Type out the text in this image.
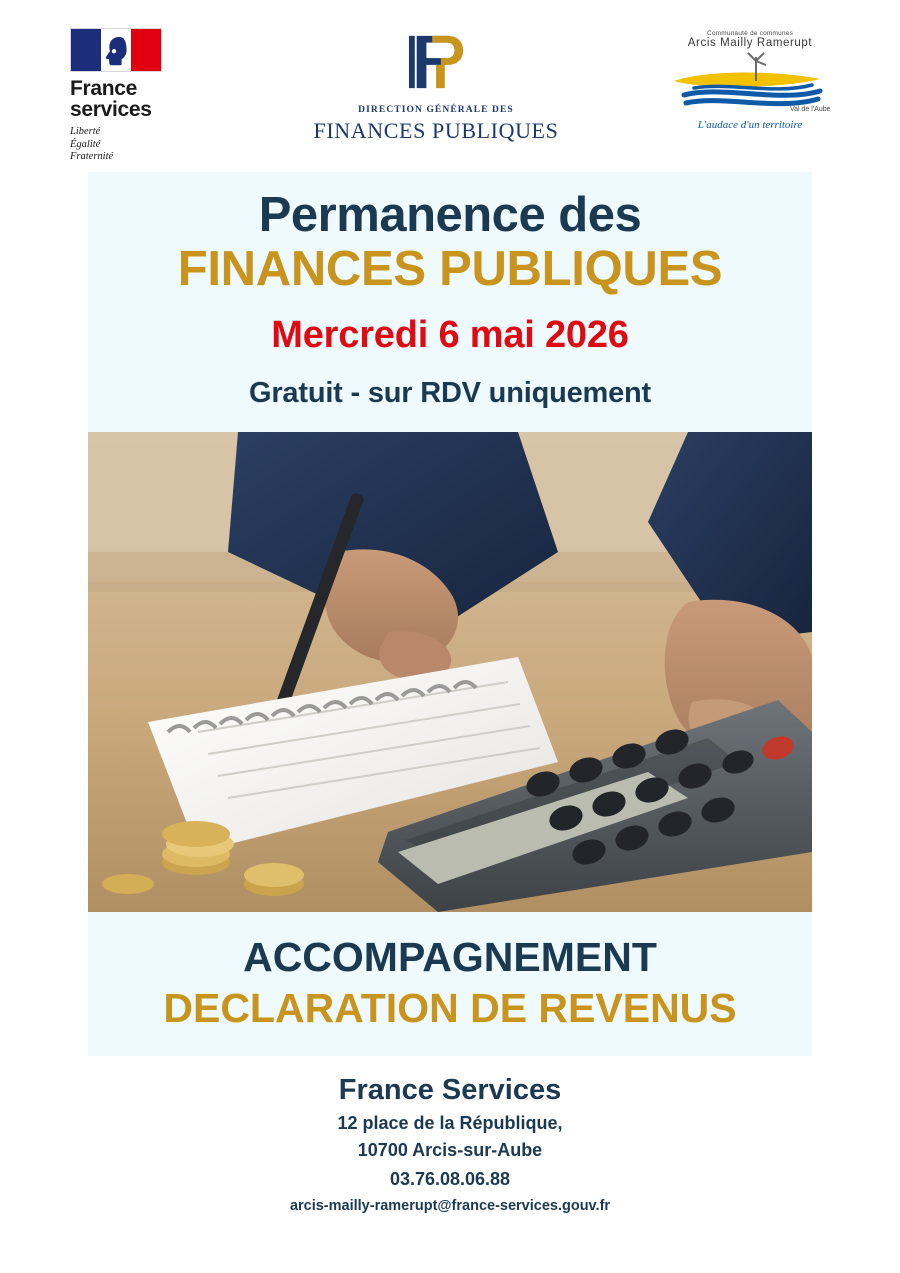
France
services
Liberté
Égalité
Fraternité
DIRECTION GÉNÉRALE DES
FINANCES PUBLIQUES
Communauté de communes
Arcis Mailly Ramerupt
Val de l'Aube
L'audace d'un territoire
Permanence des
FINANCES PUBLIQUES
Mercredi 6 mai 2026
Gratuit - sur RDV uniquement
ACCOMPAGNEMENT
DECLARATION DE REVENUS
France Services
12 place de la République,
10700 Arcis-sur-Aube
03.76.08.06.88
arcis-mailly-ramerupt@france-services.gouv.fr
